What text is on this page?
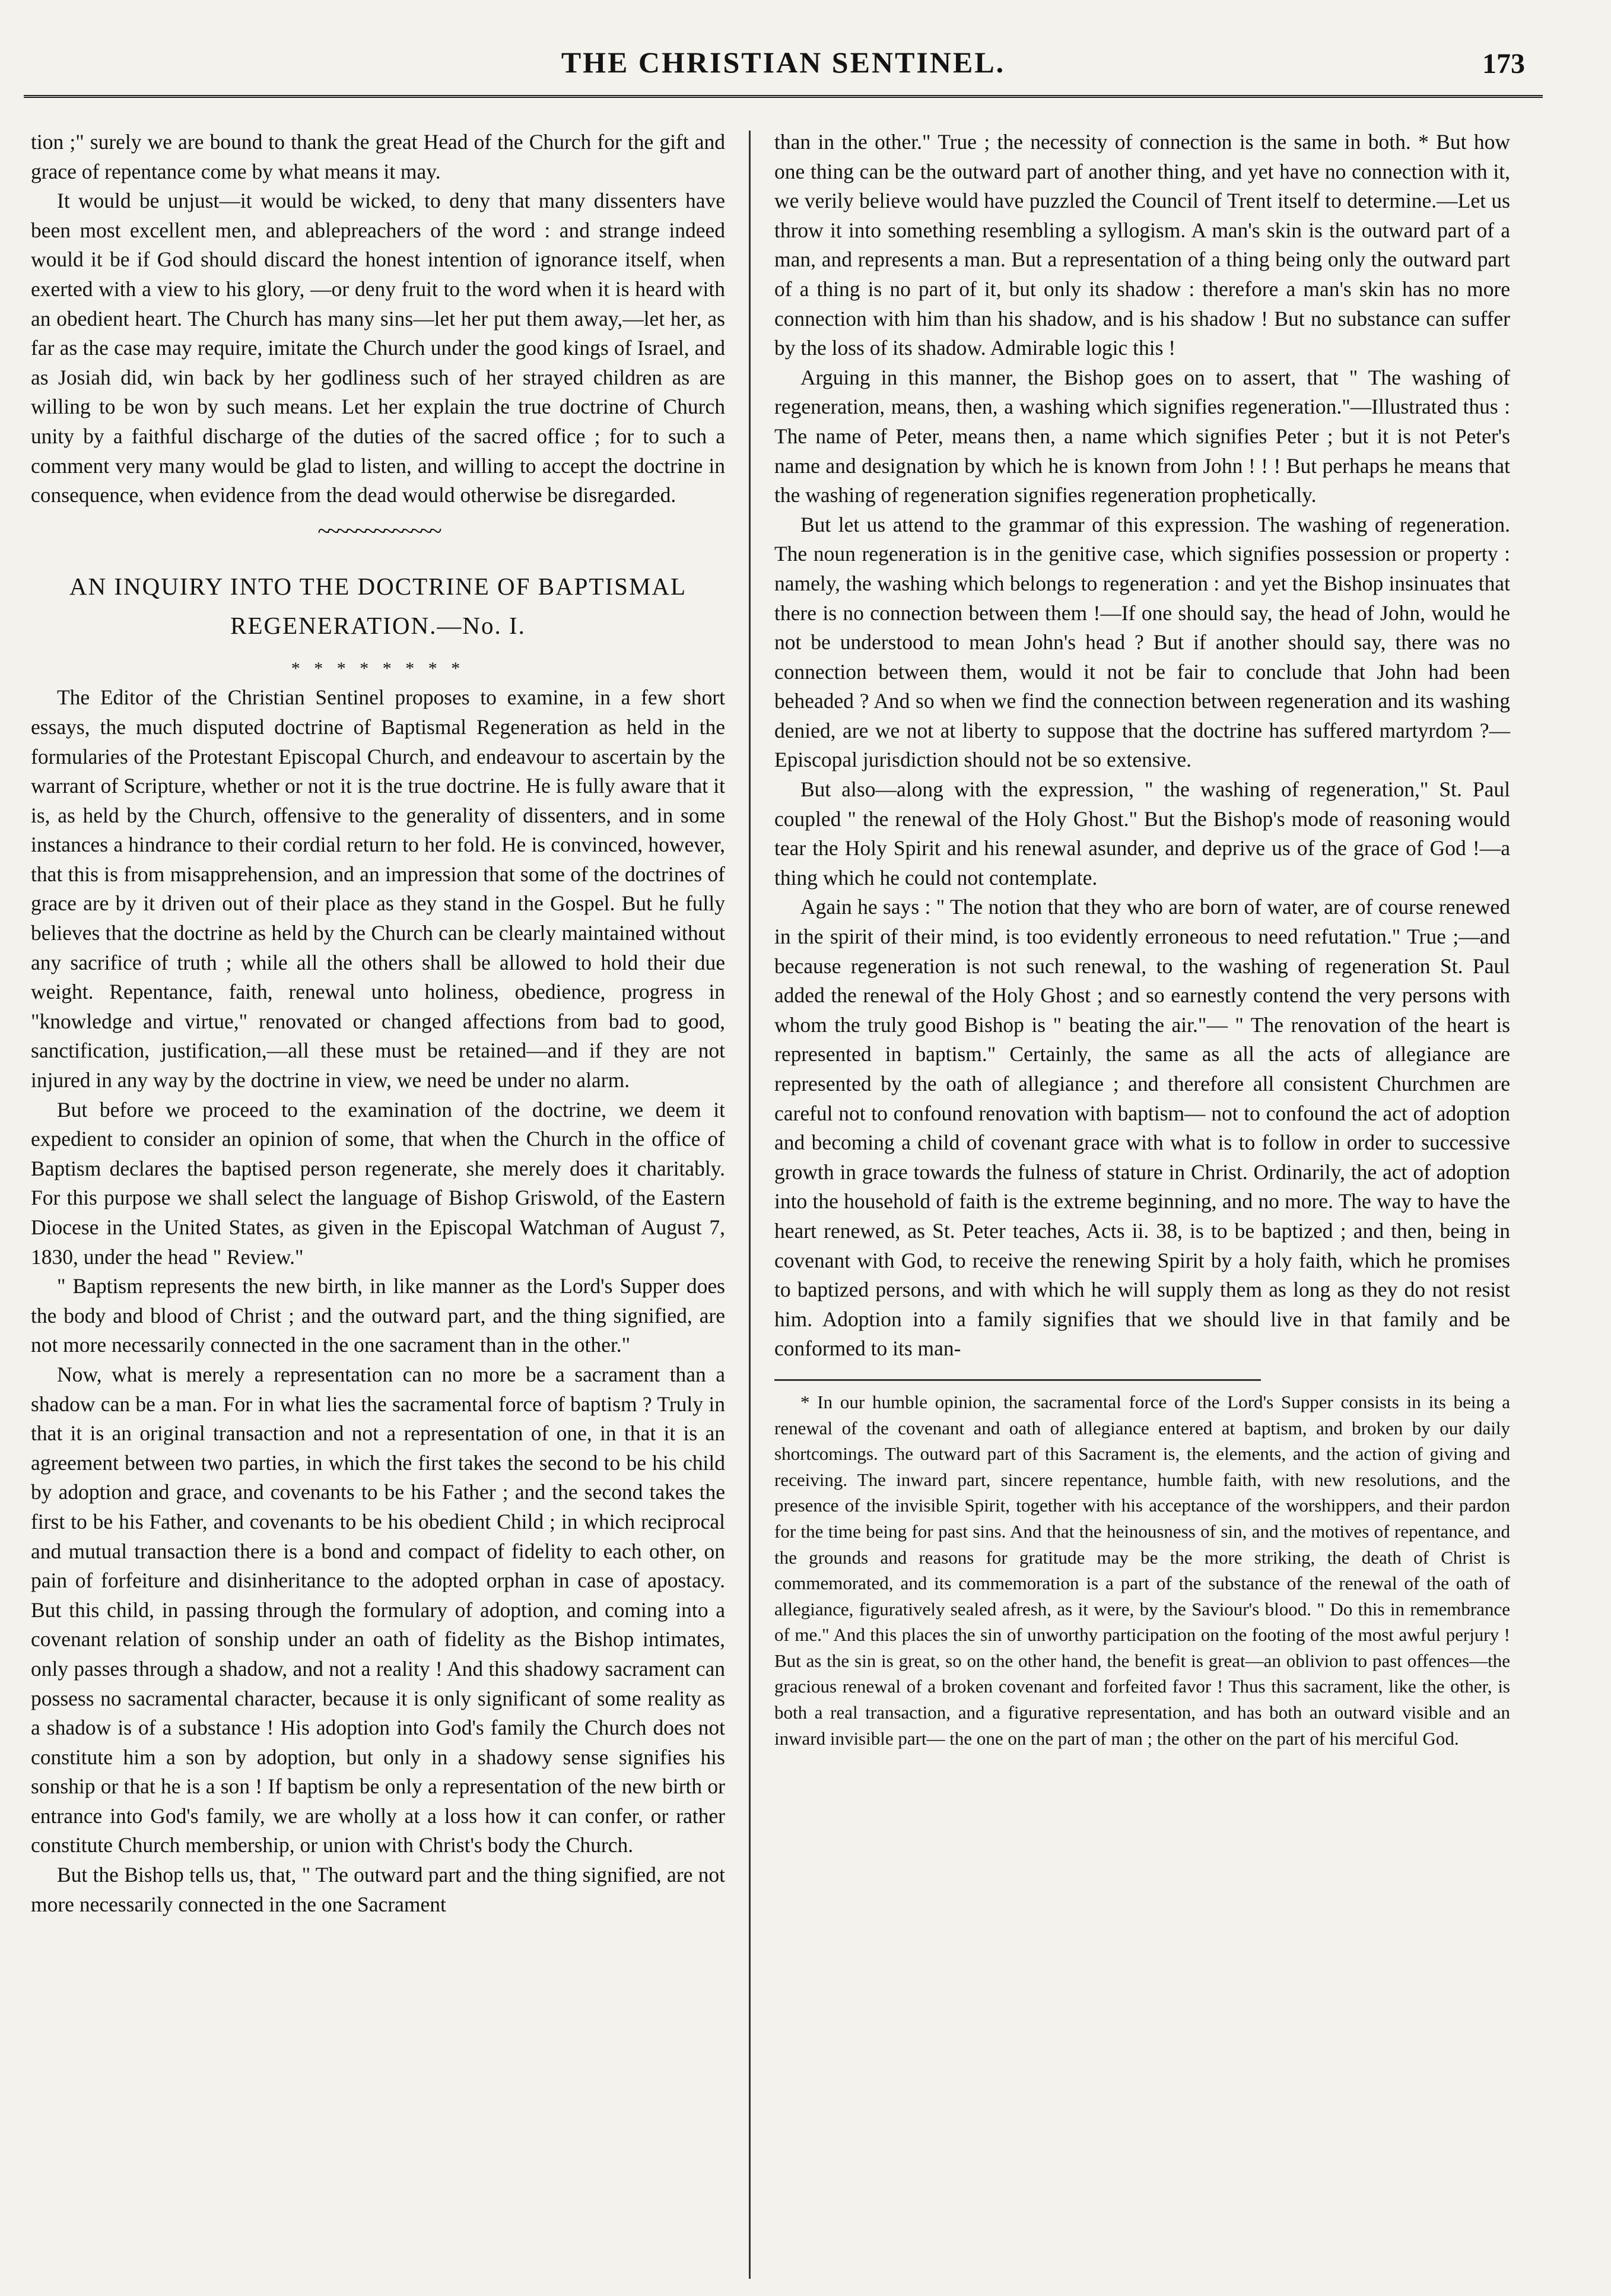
THE CHRISTIAN SENTINEL.	173

tion ;" surely we are bound to thank the great Head of the Church for the gift and grace of repentance come by what means it may.

It would be unjust—it would be wicked, to deny that many dissenters have been most excellent men, and ablepreachers of the word : and strange indeed would it be if God should discard the honest intention of ignorance itself, when exerted with a view to his glory, —or deny fruit to the word when it is heard with an obedient heart. The Church has many sins—let her put them away,—let her, as far as the case may require, imitate the Church under the good kings of Israel, and as Josiah did, win back by her godliness such of her strayed children as are willing to be won by such means. Let her explain the true doctrine of Church unity by a faithful discharge of the duties of the sacred office ; for to such a comment very many would be glad to listen, and willing to accept the doctrine in consequence, when evidence from the dead would otherwise be disregarded.

~~~~~~~~~~~~~
AN INQUIRY INTO THE DOCTRINE OF BAPTISMAL
REGENERATION.—No. I.
* * * * * * * *

The Editor of the Christian Sentinel proposes to examine, in a few short essays, the much disputed doctrine of Baptismal Regeneration as held in the formularies of the Protestant Episcopal Church, and endeavour to ascertain by the warrant of Scripture, whether or not it is the true doctrine. He is fully aware that it is, as held by the Church, offensive to the generality of dissenters, and in some instances a hindrance to their cordial return to her fold. He is convinced, however, that this is from misapprehension, and an impression that some of the doctrines of grace are by it driven out of their place as they stand in the Gospel. But he fully believes that the doctrine as held by the Church can be clearly maintained without any sacrifice of truth ; while all the others shall be allowed to hold their due weight. Repentance, faith, renewal unto holiness, obedience, progress in "knowledge and virtue," renovated or changed affections from bad to good, sanctification, justification,—all these must be retained—and if they are not injured in any way by the doctrine in view, we need be under no alarm.

But before we proceed to the examination of the doctrine, we deem it expedient to consider an opinion of some, that when the Church in the office of Baptism declares the baptised person regenerate, she merely does it charitably. For this purpose we shall select the language of Bishop Griswold, of the Eastern Diocese in the United States, as given in the Episcopal Watchman of August 7, 1830, under the head " Review."

" Baptism represents the new birth, in like manner as the Lord's Supper does the body and blood of Christ ; and the outward part, and the thing signified, are not more necessarily connected in the one sacrament than in the other."

Now, what is merely a representation can no more be a sacrament than a shadow can be a man. For in what lies the sacramental force of baptism ? Truly in that it is an original transaction and not a representation of one, in that it is an agreement between two parties, in which the first takes the second to be his child by adoption and grace, and covenants to be his Father ; and the second takes the first to be his Father, and covenants to be his obedient Child ; in which reciprocal and mutual transaction there is a bond and compact of fidelity to each other, on pain of forfeiture and disinheritance to the adopted orphan in case of apostacy. But this child, in passing through the formulary of adoption, and coming into a covenant relation of sonship under an oath of fidelity as the Bishop intimates, only passes through a shadow, and not a reality ! And this shadowy sacrament can possess no sacramental character, because it is only significant of some reality as a shadow is of a substance ! His adoption into God's family the Church does not constitute him a son by adoption, but only in a shadowy sense signifies his sonship or that he is a son ! If baptism be only a representation of the new birth or entrance into God's family, we are wholly at a loss how it can confer, or rather constitute Church membership, or union with Christ's body the Church.

But the Bishop tells us, that, " The outward part and the thing signified, are not more necessarily connected in the one Sacrament

than in the other." True ; the necessity of connection is the same in both. * But how one thing can be the outward part of another thing, and yet have no connection with it, we verily believe would have puzzled the Council of Trent itself to determine.—Let us throw it into something resembling a syllogism. A man's skin is the outward part of a man, and represents a man. But a representation of a thing being only the outward part of a thing is no part of it, but only its shadow : therefore a man's skin has no more connection with him than his shadow, and is his shadow ! But no substance can suffer by the loss of its shadow. Admirable logic this !

Arguing in this manner, the Bishop goes on to assert, that " The washing of regeneration, means, then, a washing which signifies regeneration."—Illustrated thus : The name of Peter, means then, a name which signifies Peter ; but it is not Peter's name and designation by which he is known from John ! ! ! But perhaps he means that the washing of regeneration signifies regeneration prophetically.

But let us attend to the grammar of this expression. The washing of regeneration. The noun regeneration is in the genitive case, which signifies possession or property : namely, the washing which belongs to regeneration : and yet the Bishop insinuates that there is no connection between them !—If one should say, the head of John, would he not be understood to mean John's head ? But if another should say, there was no connection between them, would it not be fair to conclude that John had been beheaded ? And so when we find the connection between regeneration and its washing denied, are we not at liberty to suppose that the doctrine has suffered martyrdom ?—Episcopal jurisdiction should not be so extensive.

But also—along with the expression, " the washing of regeneration," St. Paul coupled " the renewal of the Holy Ghost." But the Bishop's mode of reasoning would tear the Holy Spirit and his renewal asunder, and deprive us of the grace of God !—a thing which he could not contemplate.

Again he says : " The notion that they who are born of water, are of course renewed in the spirit of their mind, is too evidently erroneous to need refutation." True ;—and because regeneration is not such renewal, to the washing of regeneration St. Paul added the renewal of the Holy Ghost ; and so earnestly contend the very persons with whom the truly good Bishop is " beating the air."— " The renovation of the heart is represented in baptism." Certainly, the same as all the acts of allegiance are represented by the oath of allegiance ; and therefore all consistent Churchmen are careful not to confound renovation with baptism— not to confound the act of adoption and becoming a child of covenant grace with what is to follow in order to successive growth in grace towards the fulness of stature in Christ. Ordinarily, the act of adoption into the household of faith is the extreme beginning, and no more. The way to have the heart renewed, as St. Peter teaches, Acts ii. 38, is to be baptized ; and then, being in covenant with God, to receive the renewing Spirit by a holy faith, which he promises to baptized persons, and with which he will supply them as long as they do not resist him. Adoption into a family signifies that we should live in that family and be conformed to its man-

* In our humble opinion, the sacramental force of the Lord's Supper consists in its being a renewal of the covenant and oath of allegiance entered at baptism, and broken by our daily shortcomings. The outward part of this Sacrament is, the elements, and the action of giving and receiving. The inward part, sincere repentance, humble faith, with new resolutions, and the presence of the invisible Spirit, together with his acceptance of the worshippers, and their pardon for the time being for past sins. And that the heinousness of sin, and the motives of repentance, and the grounds and reasons for gratitude may be the more striking, the death of Christ is commemorated, and its commemoration is a part of the substance of the renewal of the oath of allegiance, figuratively sealed afresh, as it were, by the Saviour's blood. " Do this in remembrance of me." And this places the sin of unworthy participation on the footing of the most awful perjury ! But as the sin is great, so on the other hand, the benefit is great—an oblivion to past offences—the gracious renewal of a broken covenant and forfeited favor ! Thus this sacrament, like the other, is both a real transaction, and a figurative representation, and has both an outward visible and an inward invisible part— the one on the part of man ; the other on the part of his merciful God.
